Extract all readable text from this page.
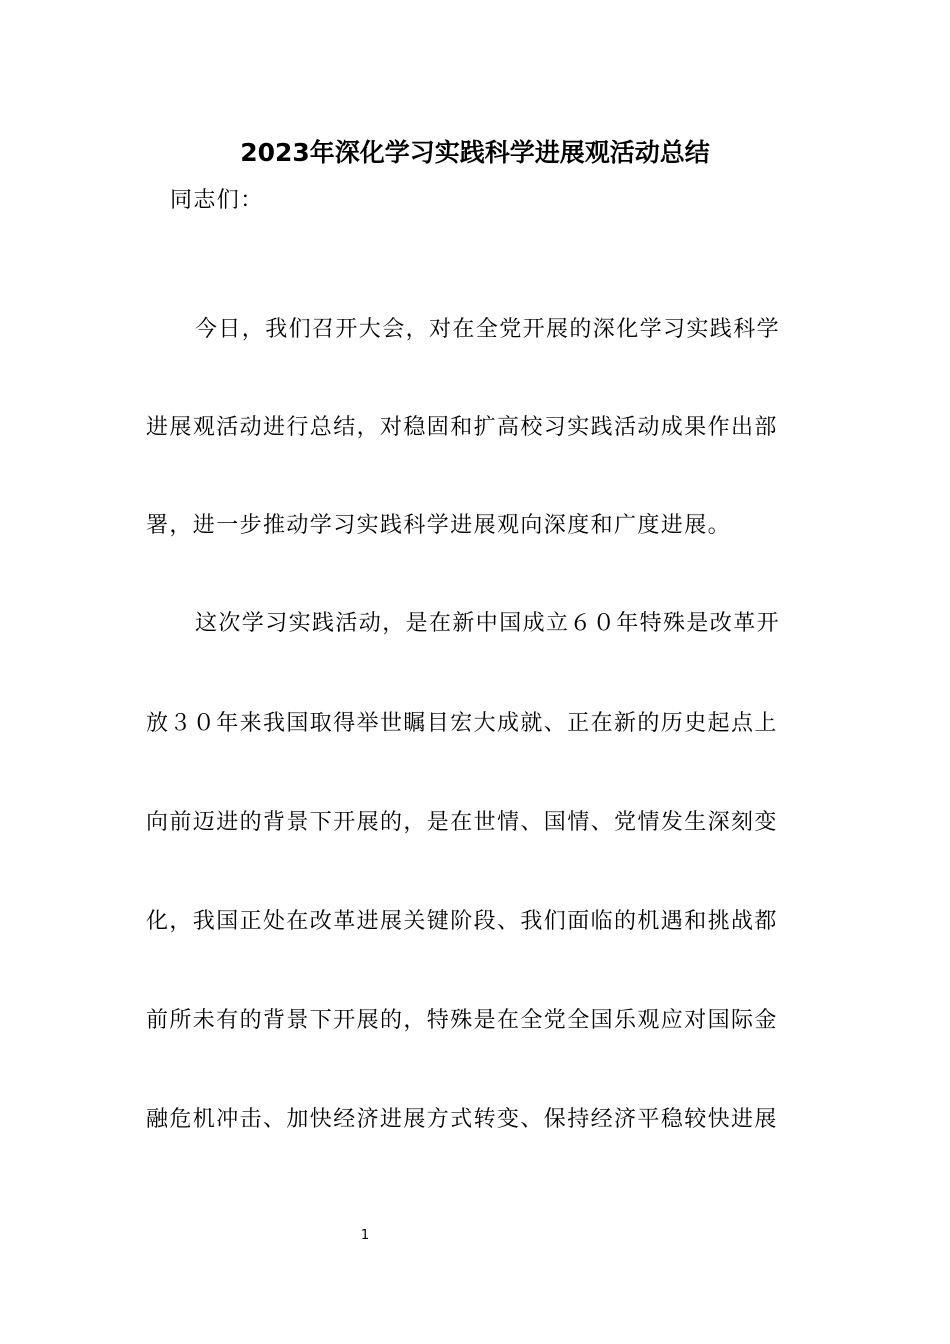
2023年深化学习实践科学进展观活动总结
同志们：
今日，我们召开大会，对在全党开展的深化学习实践科学
进展观活动进行总结，对稳固和扩高校习实践活动成果作出部
署，进一步推动学习实践科学进展观向深度和广度进展。
这次学习实践活动，是在新中国成立６０年特殊是改革开
放３０年来我国取得举世瞩目宏大成就、正在新的历史起点上
向前迈进的背景下开展的，是在世情、国情、党情发生深刻变
化，我国正处在改革进展关键阶段、我们面临的机遇和挑战都
前所未有的背景下开展的，特殊是在全党全国乐观应对国际金
融危机冲击、加快经济进展方式转变、保持经济平稳较快进展
1
